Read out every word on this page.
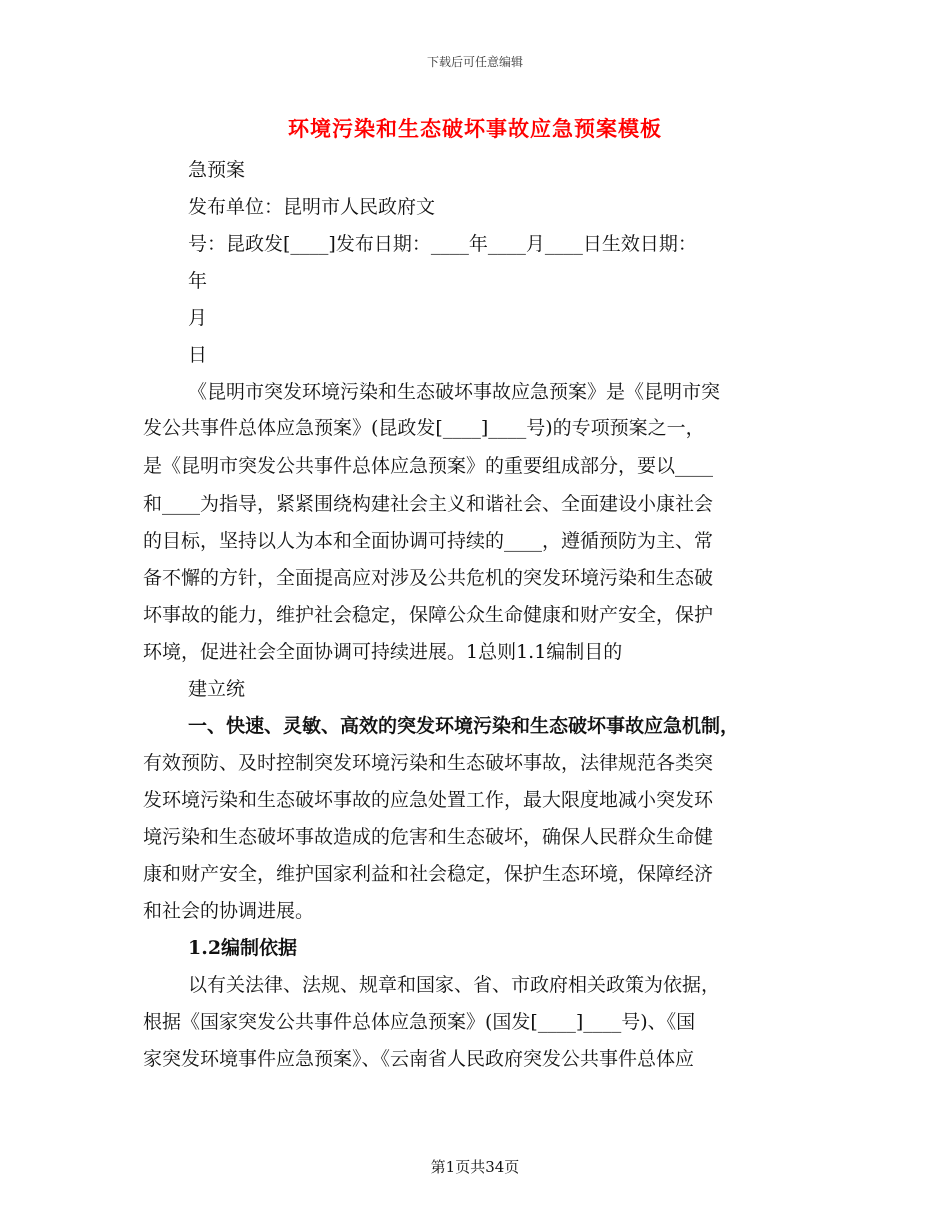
下载后可任意编辑
环境污染和生态破坏事故应急预案模板
急预案
发布单位：昆明市人民政府文
号：昆政发[____]发布日期：____年____月____日生效日期：
年
月
日
《昆明市突发环境污染和生态破坏事故应急预案》是《昆明市突
发公共事件总体应急预案》(昆政发[____]____号)的专项预案之一，
是《昆明市突发公共事件总体应急预案》的重要组成部分，要以____
和____为指导，紧紧围绕构建社会主义和谐社会、全面建设小康社会
的目标，坚持以人为本和全面协调可持续的____，遵循预防为主、常
备不懈的方针，全面提高应对涉及公共危机的突发环境污染和生态破
坏事故的能力，维护社会稳定，保障公众生命健康和财产安全，保护
环境，促进社会全面协调可持续进展。1总则1.1编制目的
建立统
一、快速、灵敏、高效的突发环境污染和生态破坏事故应急机制，
有效预防、及时控制突发环境污染和生态破坏事故，法律规范各类突
发环境污染和生态破坏事故的应急处置工作，最大限度地减小突发环
境污染和生态破坏事故造成的危害和生态破坏，确保人民群众生命健
康和财产安全，维护国家利益和社会稳定，保护生态环境，保障经济
和社会的协调进展。
1.2编制依据
以有关法律、法规、规章和国家、省、市政府相关政策为依据，
根据《国家突发公共事件总体应急预案》(国发[____]____号)、《国
家突发环境事件应急预案》、《云南省人民政府突发公共事件总体应
第1页共34页
